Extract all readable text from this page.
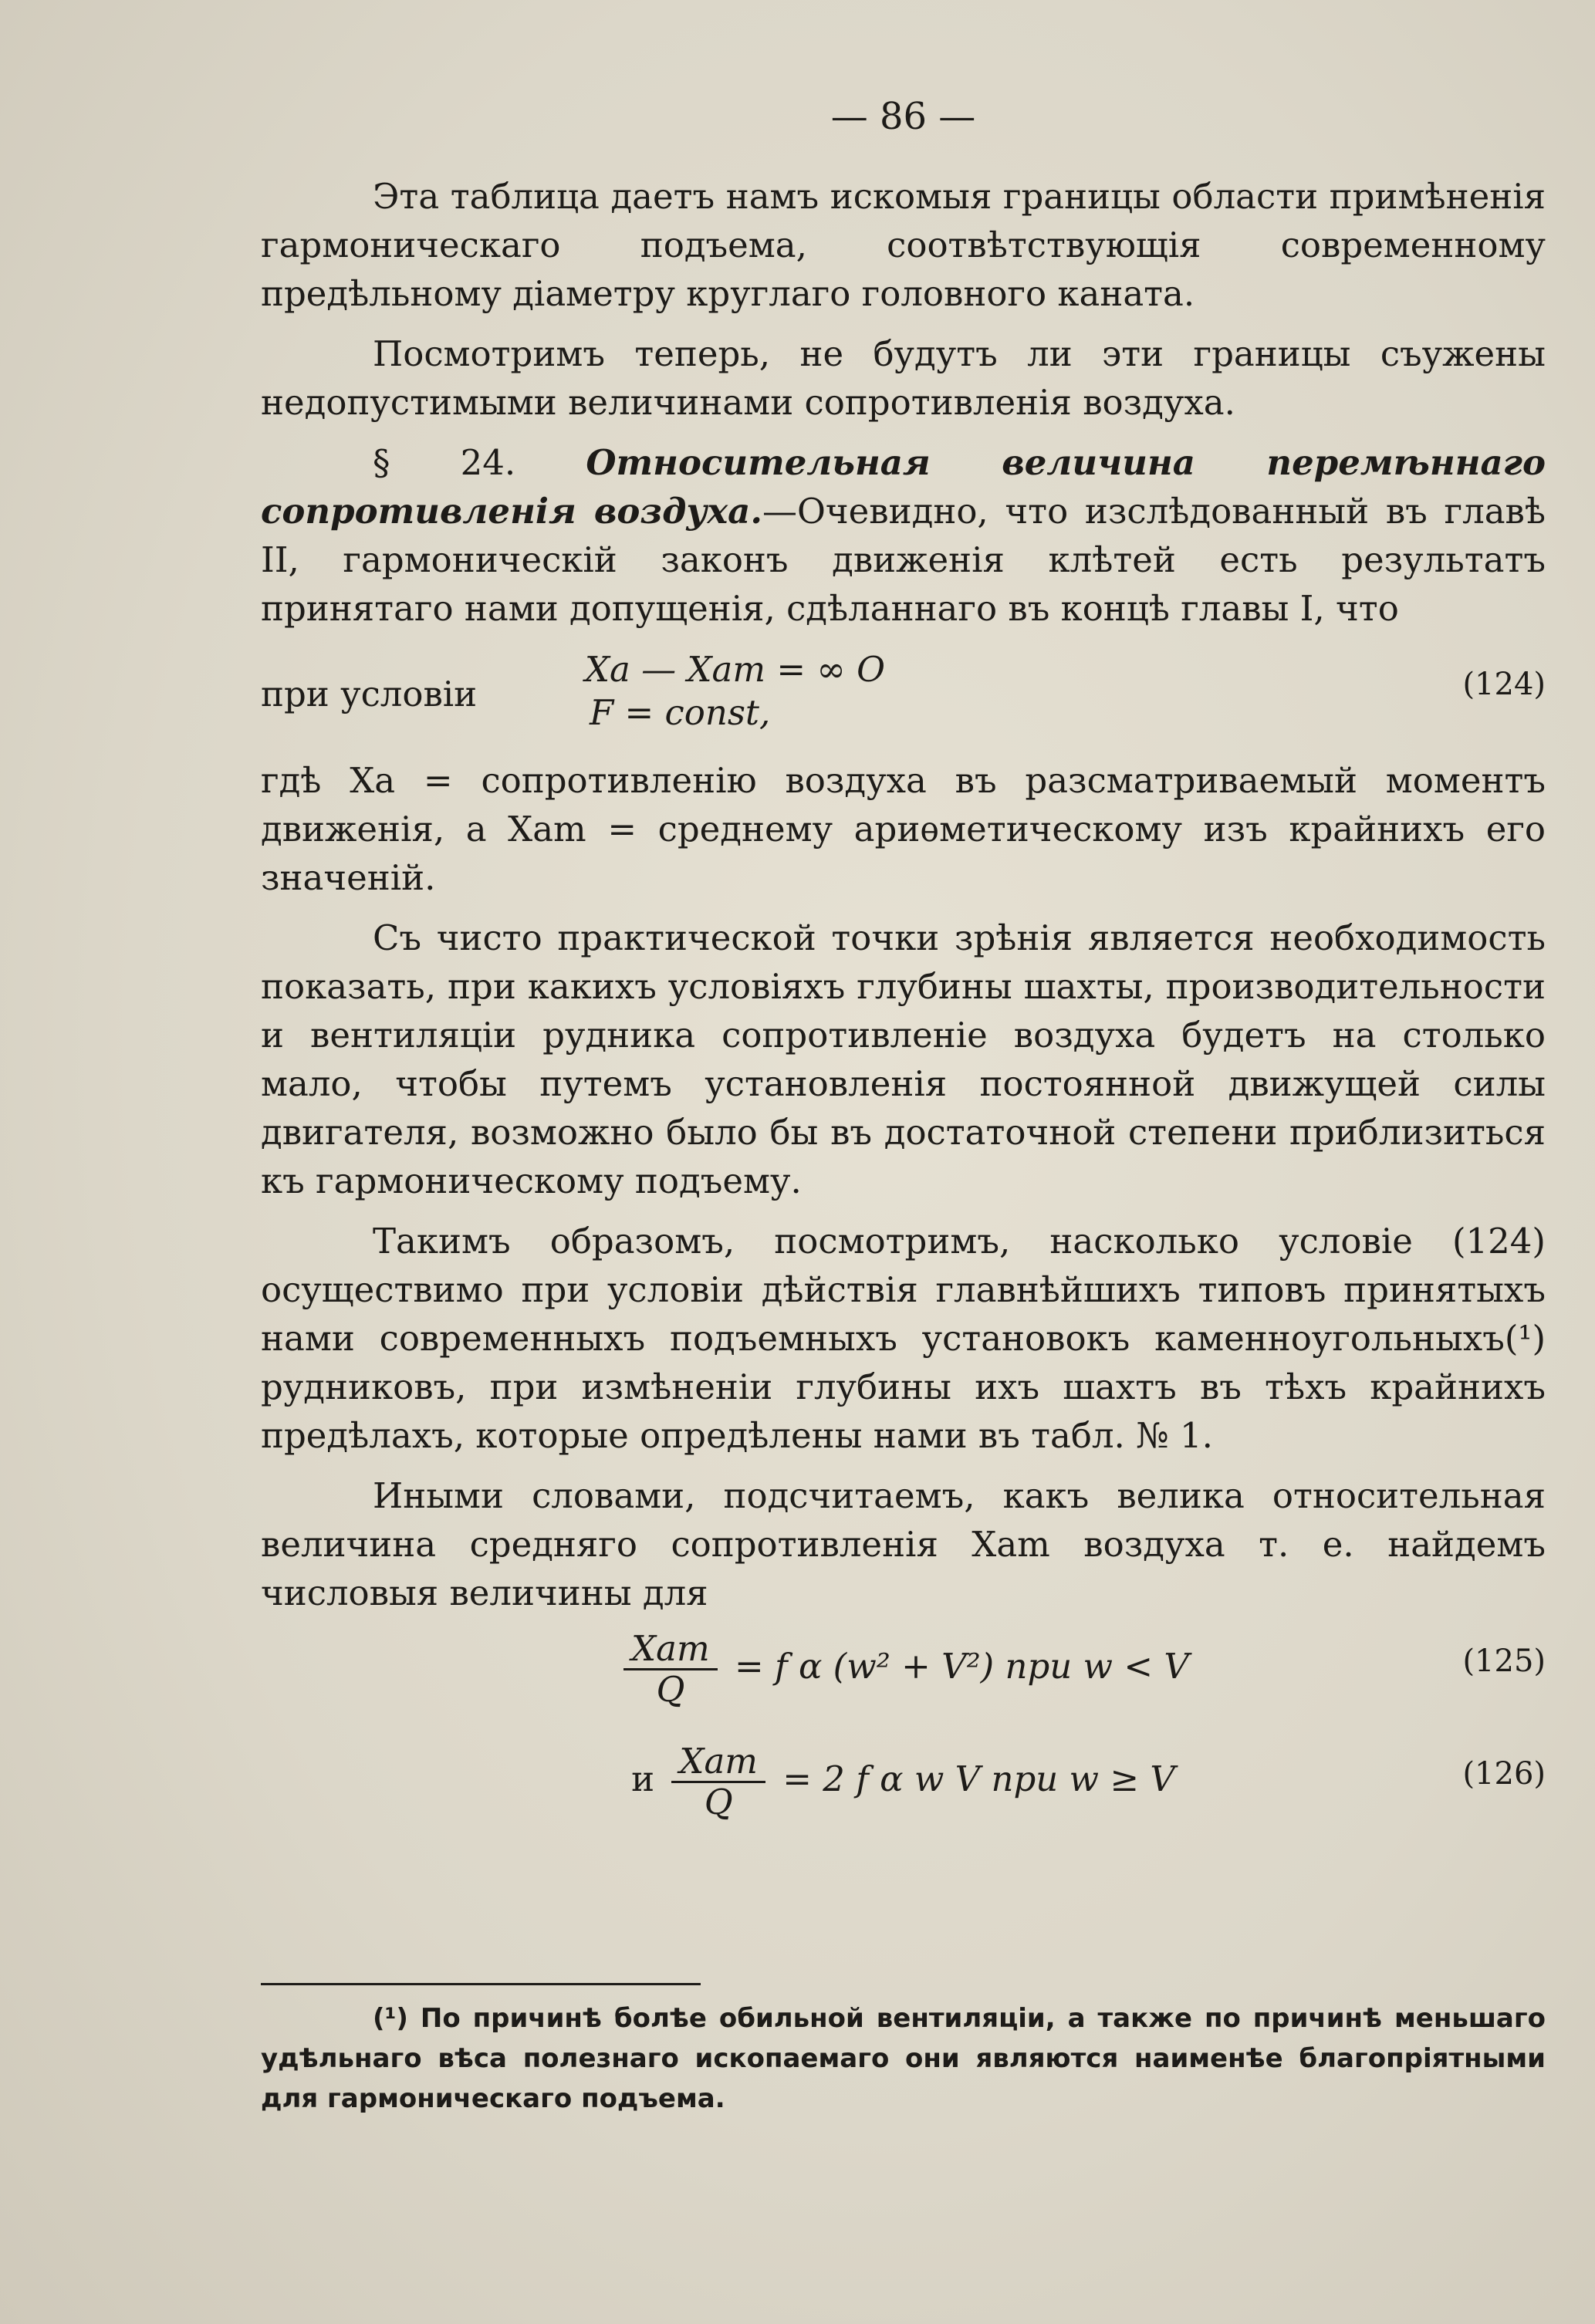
— 86 —

Эта таблица даетъ намъ искомыя границы области примѣненія гармоническаго подъема, соотвѣтствующія современному предѣльному діаметру круглаго головного каната.

Посмотримъ теперь, не будутъ ли эти границы съужены недопустимыми величинами сопротивленія воздуха.

§ 24. Относительная величина перемѣннаго сопротивленія воздуха.—Очевидно, что изслѣдованный въ главѣ II, гармоническій законъ движенія клѣтей есть результатъ принятаго нами допущенія, сдѣланнаго въ концѣ главы I, что

при условіи
Xa — Xam = ∞ O
F = const,
(124)

гдѣ Xa = сопротивленію воздуха въ разсматриваемый моментъ движенія, а Xam = среднему ариѳметическому изъ крайнихъ его значеній.

Съ чисто практической точки зрѣнія является необходимость показать, при какихъ условіяхъ глубины шахты, производительности и вентиляціи рудника сопротивленіе воздуха будетъ на столько мало, чтобы путемъ установленія постоянной движущей силы двигателя, возможно было бы въ достаточной степени приблизиться къ гармоническому подъему.

Такимъ образомъ, посмотримъ, насколько условіе (124) осуществимо при условіи дѣйствія главнѣйшихъ типовъ принятыхъ нами современныхъ подъемныхъ установокъ каменноугольныхъ(¹) рудниковъ, при измѣненіи глубины ихъ шахтъ въ тѣхъ крайнихъ предѣлахъ, которые опредѣлены нами въ табл. № 1.

Иными словами, подсчитаемъ, какъ велика относительная величина средняго сопротивленія Xam воздуха т. е. найдемъ числовыя величины для

Xam
Q
= f α (w² + V²) при w < V	(125)
и Xam
Q
= 2 f α w V при w ≥ V	(126)
(¹) По причинѣ болѣе обильной вентиляціи, а также по причинѣ меньшаго удѣльнаго вѣса полезнаго ископаемаго они являются наименѣе благопріятными для гармоническаго подъема.
